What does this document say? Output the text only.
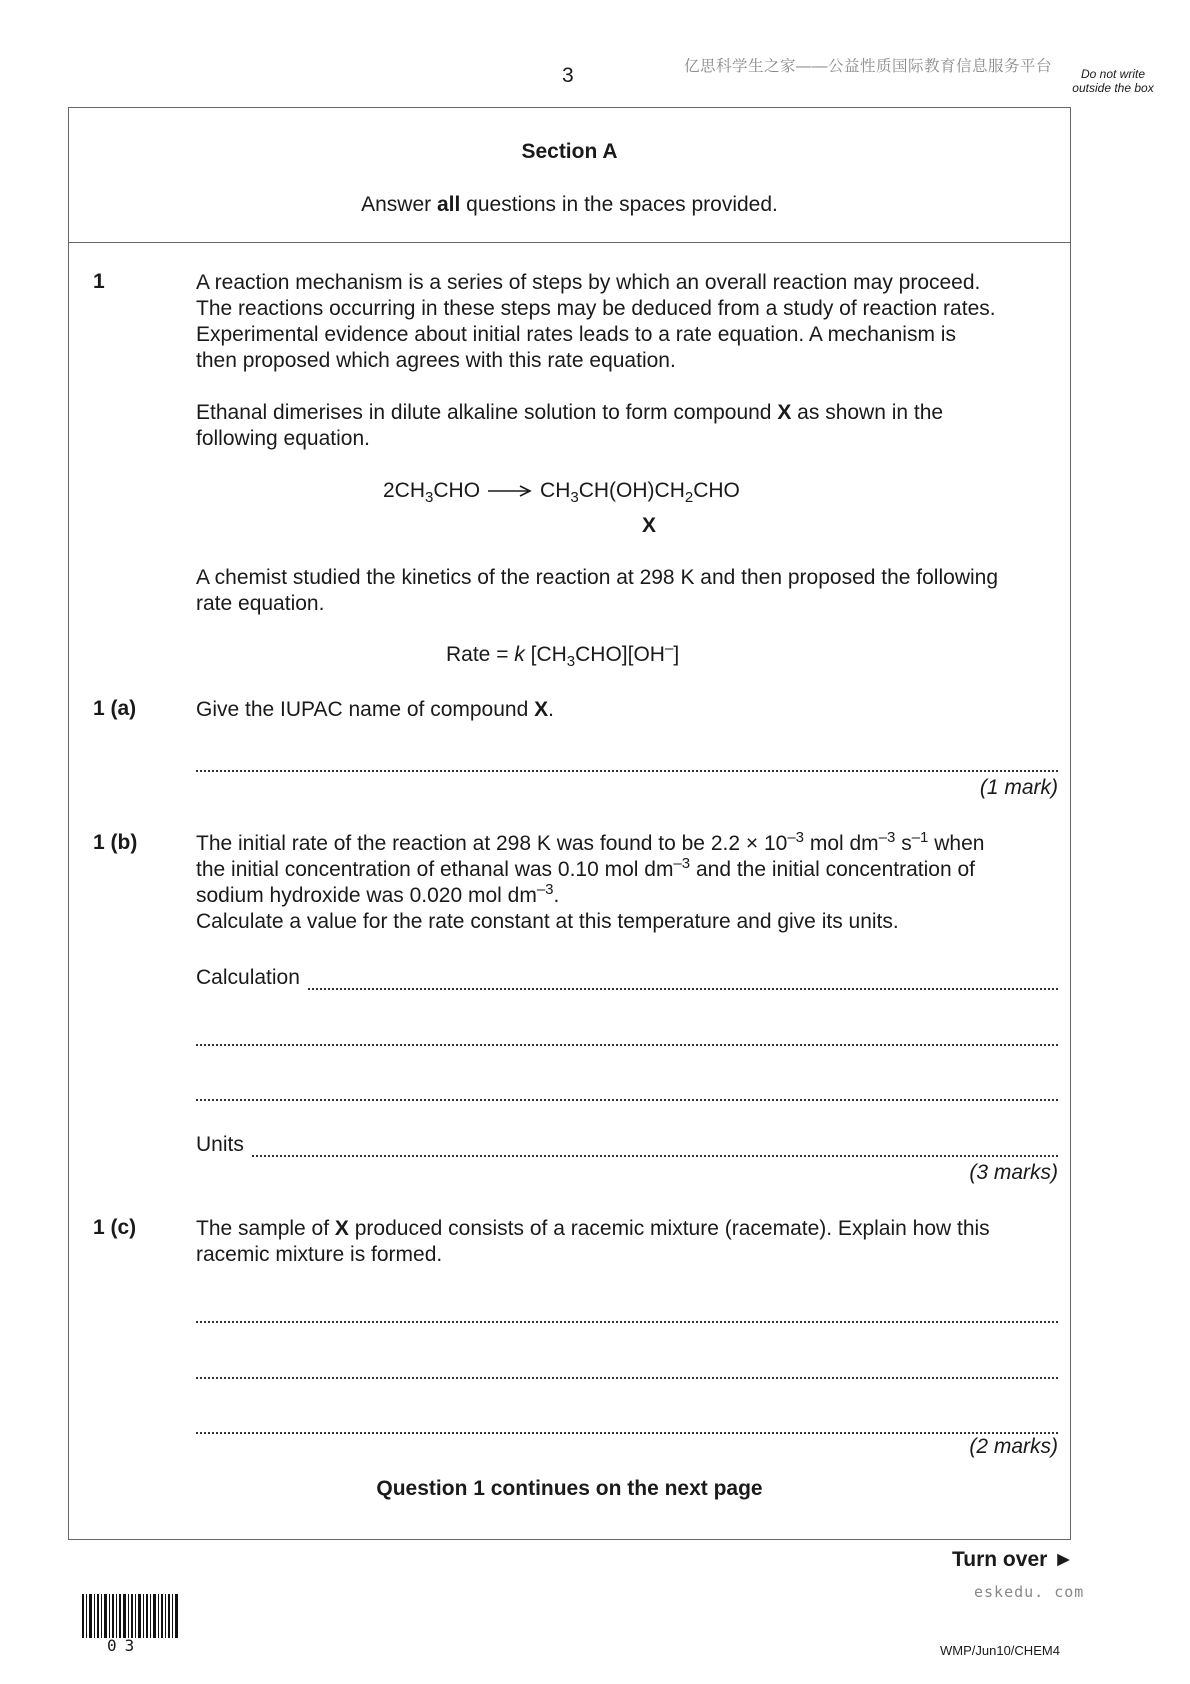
3	亿思科学生之家——公益性质国际教育信息服务平台	Do not write outside the box
Section A
Answer all questions in the spaces provided.
1	A reaction mechanism is a series of steps by which an overall reaction may proceed.
The reactions occurring in these steps may be deduced from a study of reaction rates.
Experimental evidence about initial rates leads to a rate equation. A mechanism is
then proposed which agrees with this rate equation.
Ethanal dimerises in dilute alkaline solution to form compound X as shown in the
following equation.
$2CH_3CHO \to CH_3CH(OH)CH_2CHO$
X
A chemist studied the kinetics of the reaction at 298 K and then proposed the following
rate equation.
Rate = k $[CH_3CHO][OH^-]$
1 (a)	Give the IUPAC name of compound X.
(1 mark)
1 (b)	The initial rate of the reaction at 298 K was found to be $2.2 \times 10^{-3}$ mol $dm^{-3}$ $s^{-1}$ when
the initial concentration of ethanal was 0.10 mol $dm^{-3}$ and the initial concentration of
sodium hydroxide was 0.020 mol $dm^{-3}$.
Calculate a value for the rate constant at this temperature and give its units.
Calculation
Units
(3 marks)
1 (c)	The sample of X produced consists of a racemic mixture (racemate). Explain how this
racemic mixture is formed.
(2 marks)
Question 1 continues on the next page
Turn over ►
eskedu. com
03	WMP/Jun10/CHEM4
